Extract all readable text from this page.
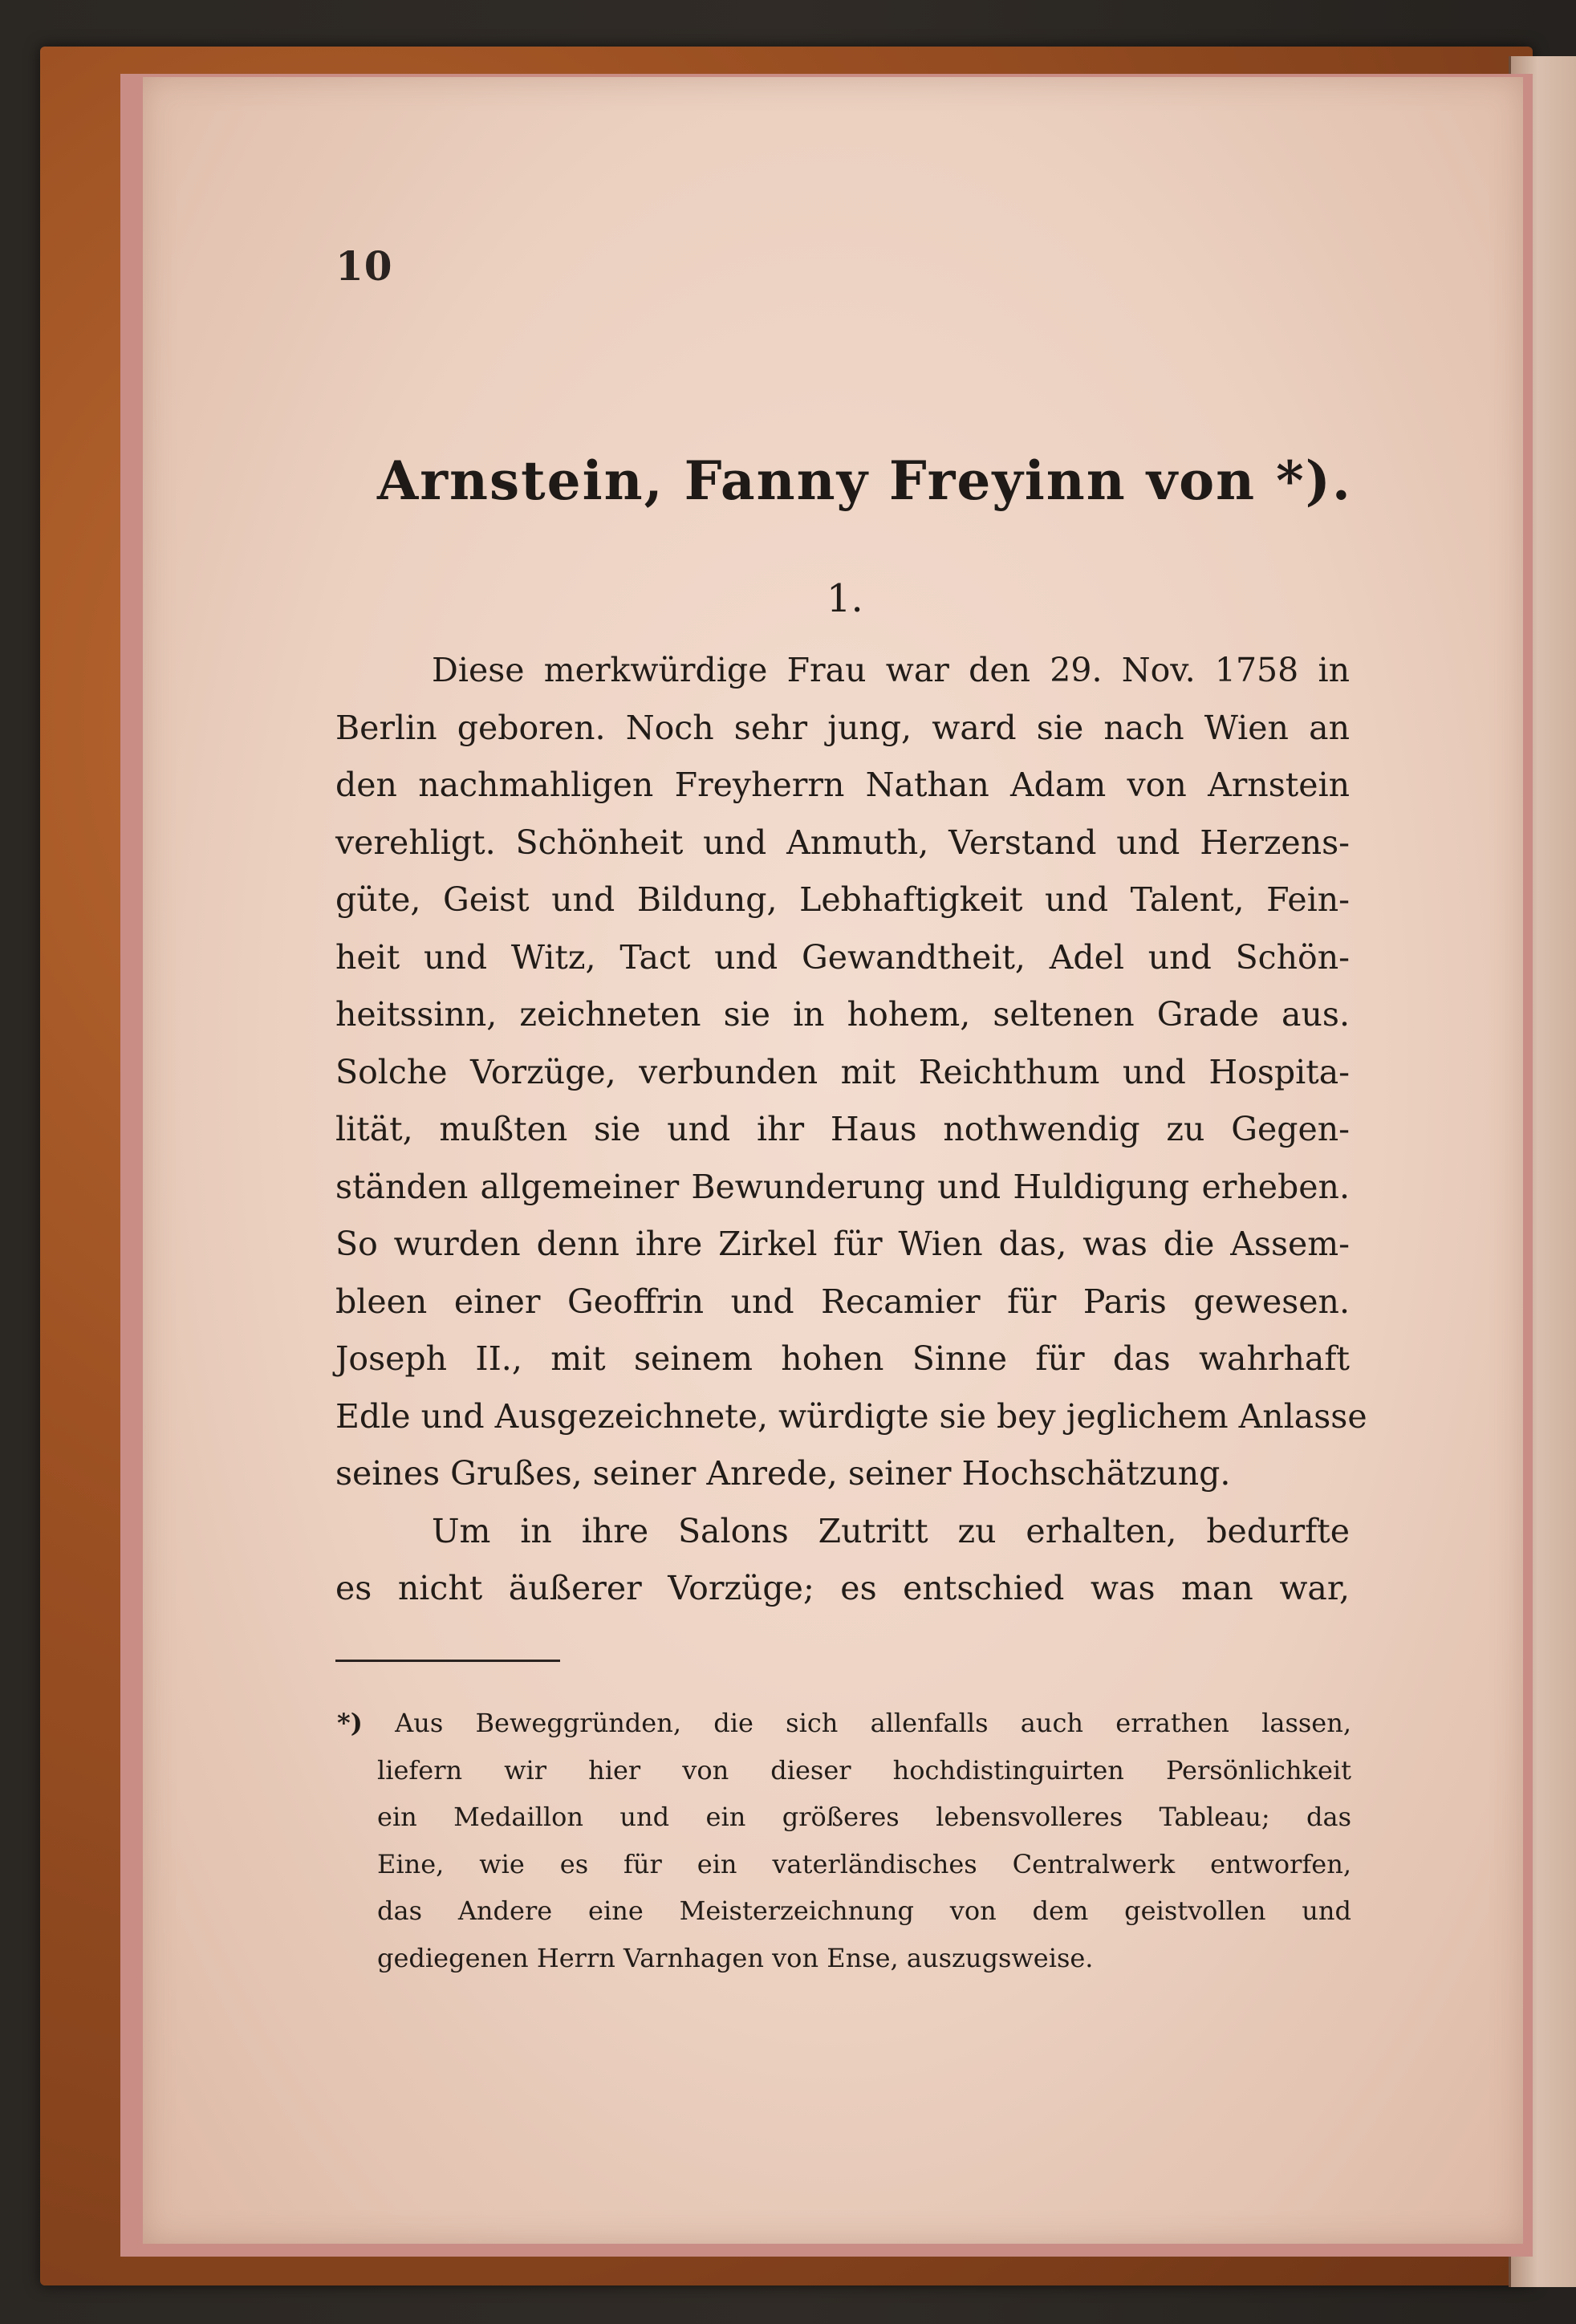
10
Arnstein, Fanny Freyinn von *).
1.
Diese merkwürdige Frau war den 29. Nov. 1758 in
Berlin geboren. Noch sehr jung, ward sie nach Wien an
den nachmahligen Freyherrn Nathan Adam von Arnstein
verehligt. Schönheit und Anmuth, Verstand und Herzens-
güte, Geist und Bildung, Lebhaftigkeit und Talent, Fein-
heit und Witz, Tact und Gewandtheit, Adel und Schön-
heitssinn, zeichneten sie in hohem, seltenen Grade aus.
Solche Vorzüge, verbunden mit Reichthum und Hospita-
lität, mußten sie und ihr Haus nothwendig zu Gegen-
ständen allgemeiner Bewunderung und Huldigung erheben.
So wurden denn ihre Zirkel für Wien das, was die Assem-
bleen einer Geoffrin und Recamier für Paris gewesen.
Joseph II., mit seinem hohen Sinne für das wahrhaft
Edle und Ausgezeichnete, würdigte sie bey jeglichem Anlasse
seines Grußes, seiner Anrede, seiner Hochschätzung.
Um in ihre Salons Zutritt zu erhalten, bedurfte
es nicht äußerer Vorzüge; es entschied was man war,
*) Aus Beweggründen, die sich allenfalls auch errathen lassen,
liefern wir hier von dieser hochdistinguirten Persönlichkeit
ein Medaillon und ein größeres lebensvolleres Tableau; das
Eine, wie es für ein vaterländisches Centralwerk entworfen,
das Andere eine Meisterzeichnung von dem geistvollen und
gediegenen Herrn Varnhagen von Ense, auszugsweise.
